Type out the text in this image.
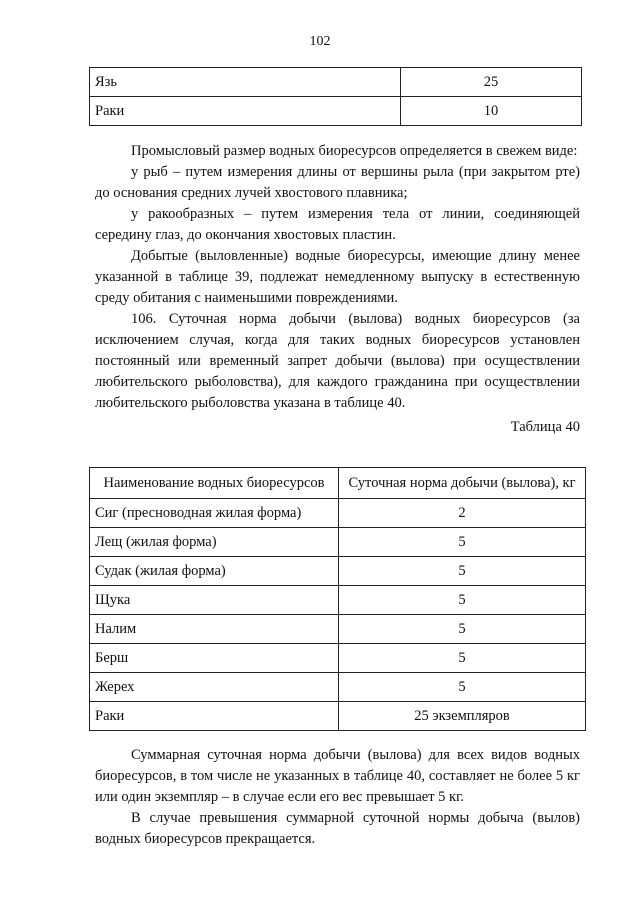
102
Язь	25
Раки	10

Промысловый размер водных биоресурсов определяется в свежем виде:

у рыб – путем измерения длины от вершины рыла (при закрытом рте) до основания средних лучей хвостового плавника;

у ракообразных – путем измерения тела от линии, соединяющей середину глаз, до окончания хвостовых пластин.

Добытые (выловленные) водные биоресурсы, имеющие длину менее указанной в таблице 39, подлежат немедленному выпуску в естественную среду обитания с наименьшими повреждениями.

106. Суточная норма добычи (вылова) водных биоресурсов (за исключением случая, когда для таких водных биоресурсов установлен постоянный или временный запрет добычи (вылова) при осуществлении любительского рыболовства), для каждого гражданина при осуществлении любительского рыболовства указана в таблице 40.

Таблица 40

Наименование водных биоресурсов	Суточная норма добычи (вылова), кг
Сиг (пресноводная жилая форма)	2
Лещ (жилая форма)	5
Судак (жилая форма)	5
Щука	5
Налим	5
Берш	5
Жерех	5
Раки	25 экземпляров

Суммарная суточная норма добычи (вылова) для всех видов водных биоресурсов, в том числе не указанных в таблице 40, составляет не более 5 кг или один экземпляр – в случае если его вес превышает 5 кг.

В случае превышения суммарной суточной нормы добыча (вылов) водных биоресурсов прекращается.
